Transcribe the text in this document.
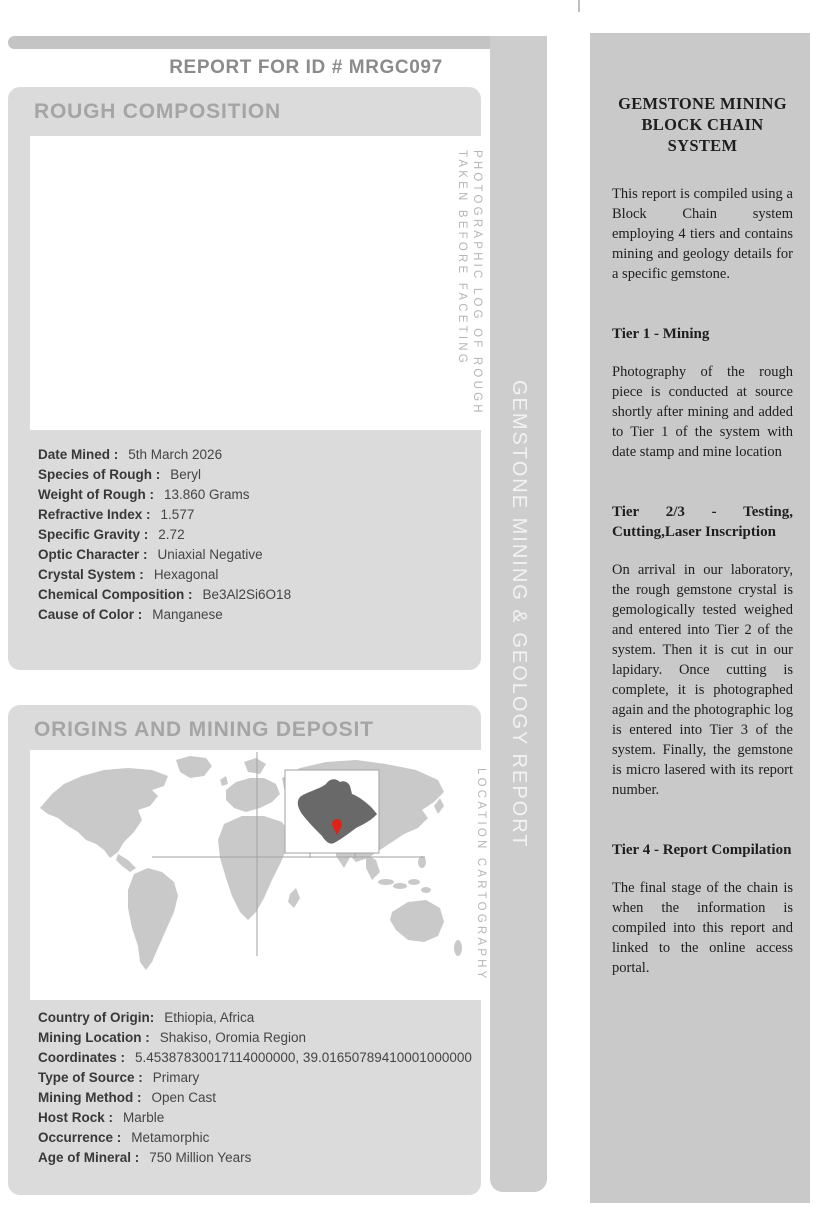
REPORT FOR ID # MRGC097
ROUGH COMPOSITION
PHOTOGRAPHIC LOG OF ROUGH
TAKEN BEFORE FACETING
Date Mined : 5th March 2026
Species of Rough : Beryl
Weight of Rough : 13.860 Grams
Refractive Index : 1.577
Specific Gravity : 2.72
Optic Character : Uniaxial Negative
Crystal System : Hexagonal
Chemical Composition : Be3Al2Si6O18
Cause of Color : Manganese
ORIGINS AND MINING DEPOSIT
LOCATION CARTOGRAPHY
Country of Origin: Ethiopia, Africa
Mining Location : Shakiso, Oromia Region
Coordinates : 5.45387830017114000000, 39.01650789410001000000
Type of Source : Primary
Mining Method : Open Cast
Host Rock : Marble
Occurrence : Metamorphic
Age of Mineral : 750 Million Years
GEMSTONE MINING & GEOLOGY REPORT
GEMSTONE MINING BLOCK CHAIN SYSTEM
This report is compiled using a Block Chain system employing 4 tiers and contains mining and geology details for a specific gemstone.
Tier 1 - Mining
Photography of the rough piece is conducted at source shortly after mining and added to Tier 1 of the system with date stamp and mine location
Tier 2/3 - Testing, Cutting,Laser Inscription
On arrival in our laboratory, the rough gemstone crystal is gemologically tested weighed and entered into Tier 2 of the system. Then it is cut in our lapidary. Once cutting is complete, it is photographed again and the photographic log is entered into Tier 3 of the system. Finally, the gemstone is micro lasered with its report number.
Tier 4 - Report Compilation
The final stage of the chain is when the information is compiled into this report and linked to the online access portal.
